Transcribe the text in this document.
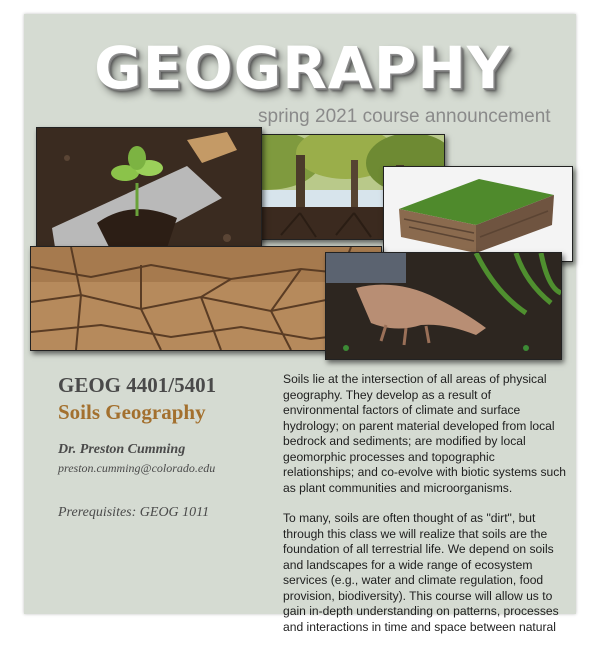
GEOGRAPHY
spring 2021 course announcement
GEOG 4401/5401
Soils Geography
Dr. Preston Cumming
preston.cumming@colorado.edu
Prerequisites: GEOG 1011

Soils lie at the intersection of all areas of physical geography. They develop as a result of environmental factors of climate and surface hydrology; on parent material developed from local bedrock and sediments; are modified by local geomorphic processes and topographic relationships; and co-evolve with biotic systems such as plant communities and microorganisms.

To many, soils are often thought of as "dirt", but through this class we will realize that soils are the foundation of all terrestrial life. We depend on soils and landscapes for a wide range of ecosystem services (e.g., water and climate regulation, food provision, biodiversity). This course will allow us to gain in-depth understanding on patterns, processes and interactions in time and space between natural
